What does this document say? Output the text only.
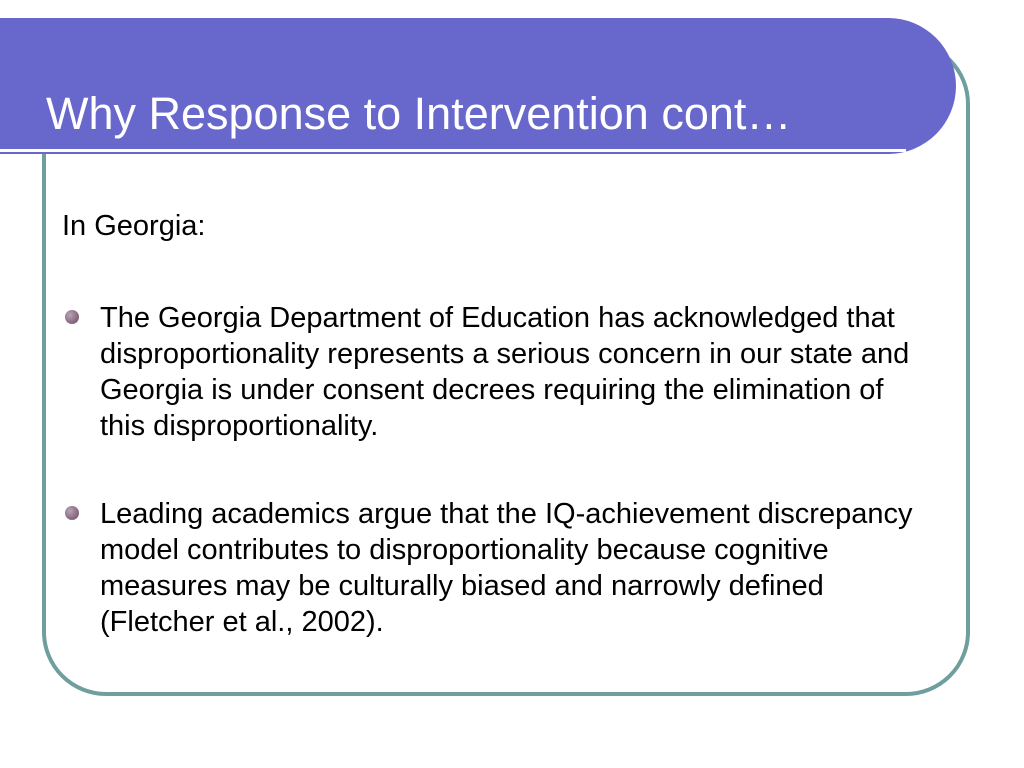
Why Response to Intervention cont…

In Georgia:

The Georgia Department of Education has acknowledged that disproportionality represents a serious concern in our state and Georgia is under consent decrees requiring the elimination of this disproportionality.
Leading academics argue that the IQ-achievement discrepancy model contributes to disproportionality because cognitive measures may be culturally biased and narrowly defined (Fletcher et al., 2002).
